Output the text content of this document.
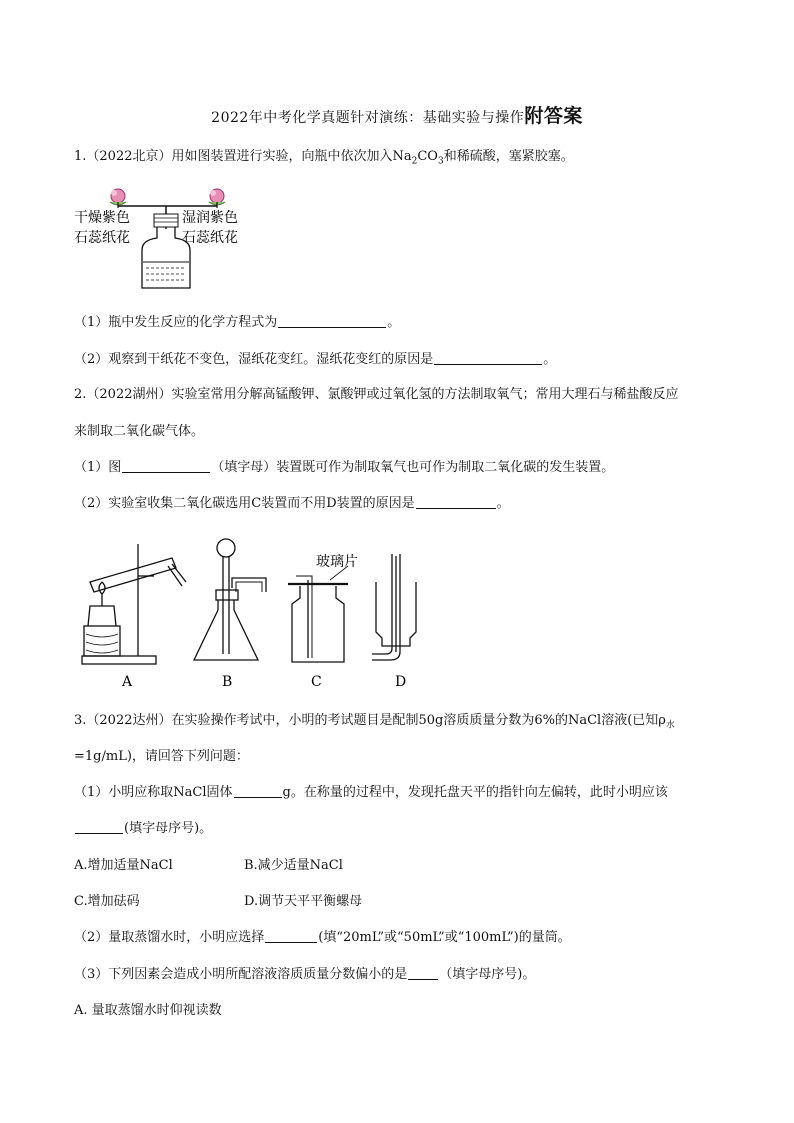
2022年中考化学真题针对演练：基础实验与操作附答案
1.（2022北京）用如图装置进行实验，向瓶中依次加入$Na_2CO_3$和稀硫酸，塞紧胶塞。
干燥紫色
石蕊纸花
湿润紫色
石蕊纸花
（1）瓶中发生反应的化学方程式为	。
（2）观察到干纸花不变色，湿纸花变红。湿纸花变红的原因是	。
2.（2022湖州）实验室常用分解高锰酸钾、氯酸钾或过氧化氢的方法制取氧气；常用大理石与稀盐酸反应
来制取二氧化碳气体。
（1）图	（填字母）装置既可作为制取氧气也可作为制取二氧化碳的发生装置。
（2）实验室收集二氧化碳选用C装置而不用D装置的原因是	。
玻璃片
A	B	C	D
3.（2022达州）在实验操作考试中，小明的考试题目是配制50g溶质质量分数为6%的NaCl溶液(已知$\rho_水$
=1g/mL)，请回答下列问题：
（1）小明应称取NaCl固体	g。在称量的过程中，发现托盘天平的指针向左偏转，此时小明应该
(填字母序号)。
A.增加适量NaCl	B.减少适量NaCl
C.增加砝码	D.调节天平平衡螺母
（2）量取蒸馏水时，小明应选择	(填“20mL”或“50mL”或“100mL”)的量筒。
（3）下列因素会造成小明所配溶液溶质质量分数偏小的是 （填字母序号)。
A. 量取蒸馏水时仰视读数
